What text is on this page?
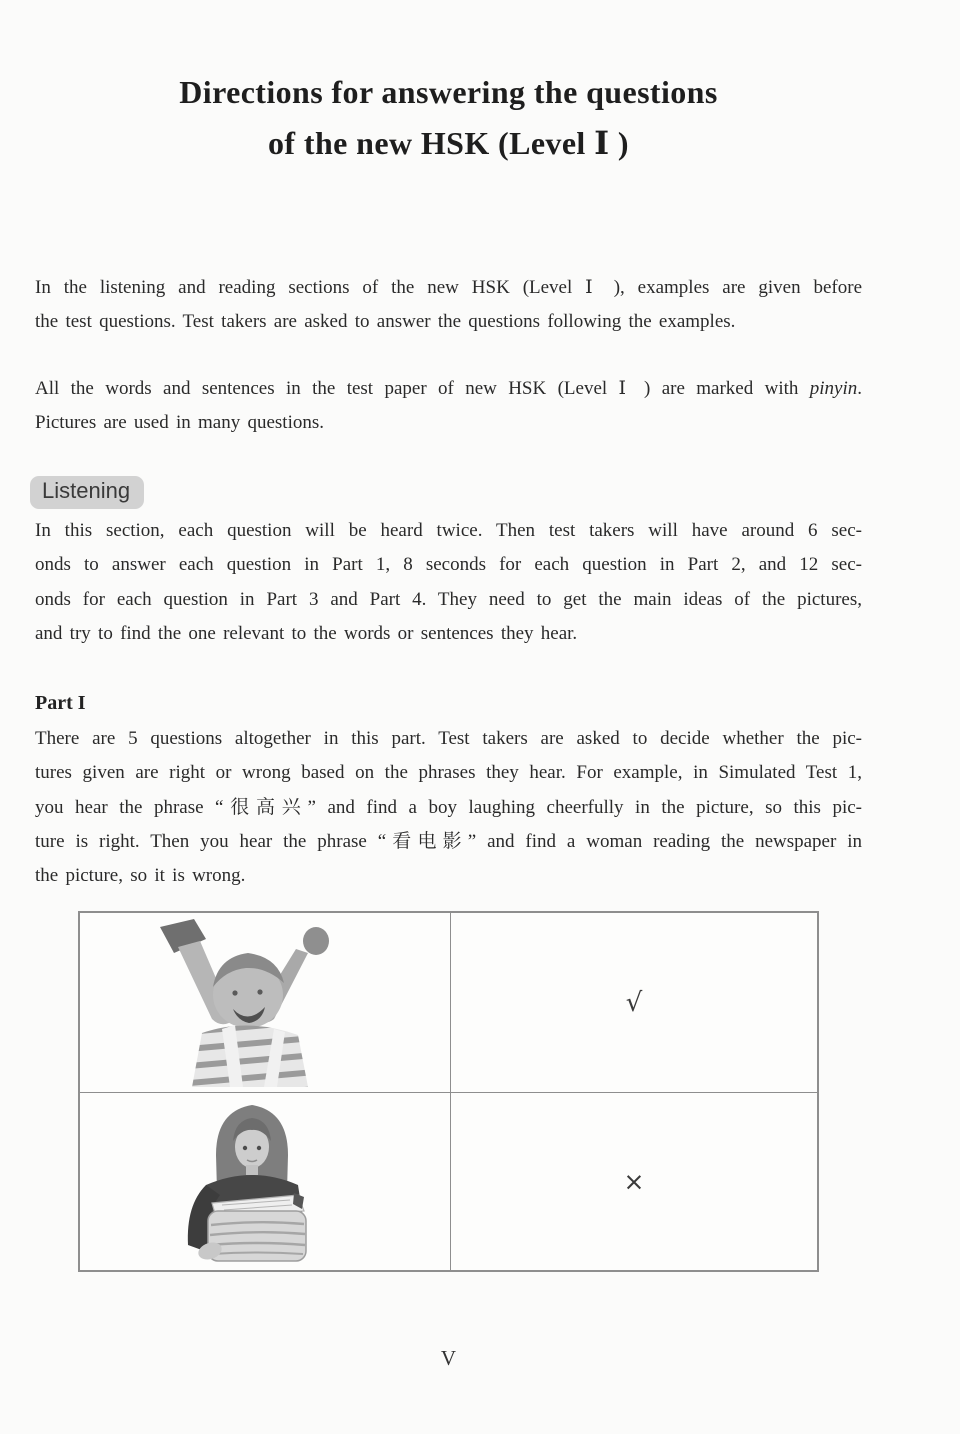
Directions for answering the questions
of the new HSK (Level Ⅰ )
In the listening and reading sections of the new HSK (Level Ⅰ ), examples are given before
the test questions. Test takers are asked to answer the questions following the examples.
All the words and sentences in the test paper of new HSK (Level Ⅰ ) are marked with pinyin.
Pictures are used in many questions.
Listening
In this section, each question will be heard twice. Then test takers will have around 6 sec-
onds to answer each question in Part 1, 8 seconds for each question in Part 2, and 12 sec-
onds for each question in Part 3 and Part 4. They need to get the main ideas of the pictures,
and try to find the one relevant to the words or sentences they hear.
Part I
There are 5 questions altogether in this part. Test takers are asked to decide whether the pic-
tures given are right or wrong based on the phrases they hear. For example, in Simulated Test 1,
you hear the phrase “很高兴” and find a boy laughing cheerfully in the picture, so this pic-
ture is right. Then you hear the phrase “看电影” and find a woman reading the newspaper in
the picture, so it is wrong.
√
×
V
